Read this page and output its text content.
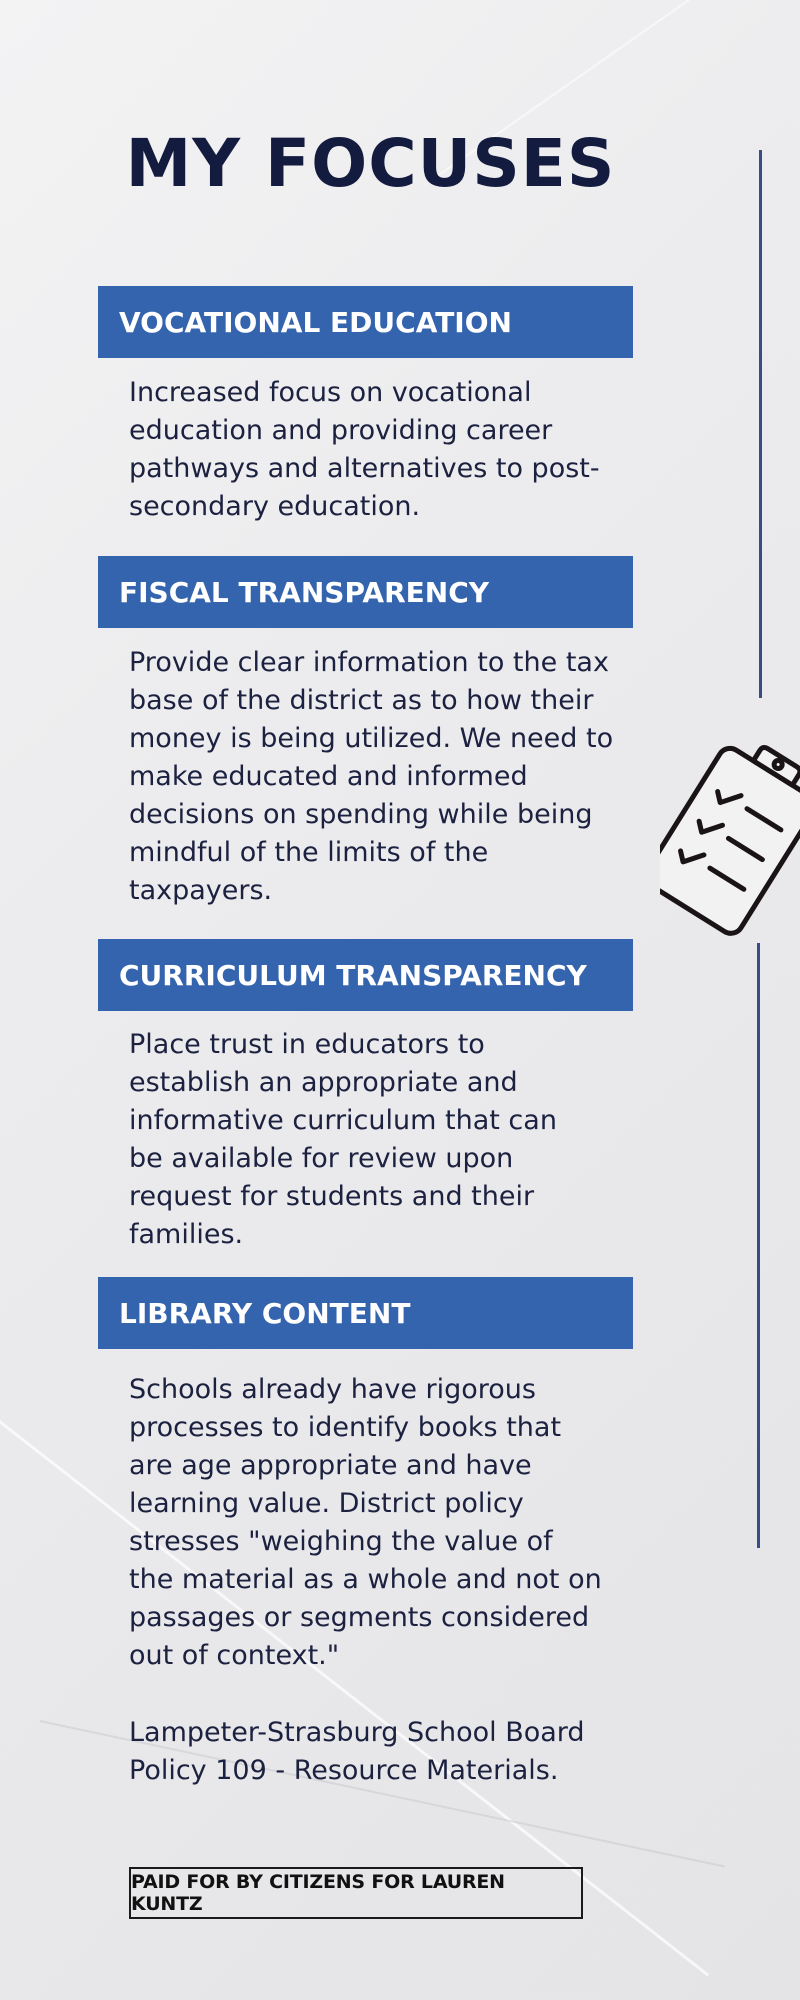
MY FOCUSES
VOCATIONAL EDUCATION
Increased focus on vocational
education and providing career
pathways and alternatives to post-
secondary education.
FISCAL TRANSPARENCY
Provide clear information to the tax
base of the district as to how their
money is being utilized. We need to
make educated and informed
decisions on spending while being
mindful of the limits of the
taxpayers.
CURRICULUM TRANSPARENCY
Place trust in educators to
establish an appropriate and
informative curriculum that can
be available for review upon
request for students and their
families.
LIBRARY CONTENT
Schools already have rigorous
processes to identify books that
are age appropriate and have
learning value. District policy
stresses "weighing the value of
the material as a whole and not on
passages or segments considered
out of context."
Lampeter-Strasburg School Board
Policy 109 - Resource Materials.
PAID FOR BY CITIZENS FOR LAUREN KUNTZ
